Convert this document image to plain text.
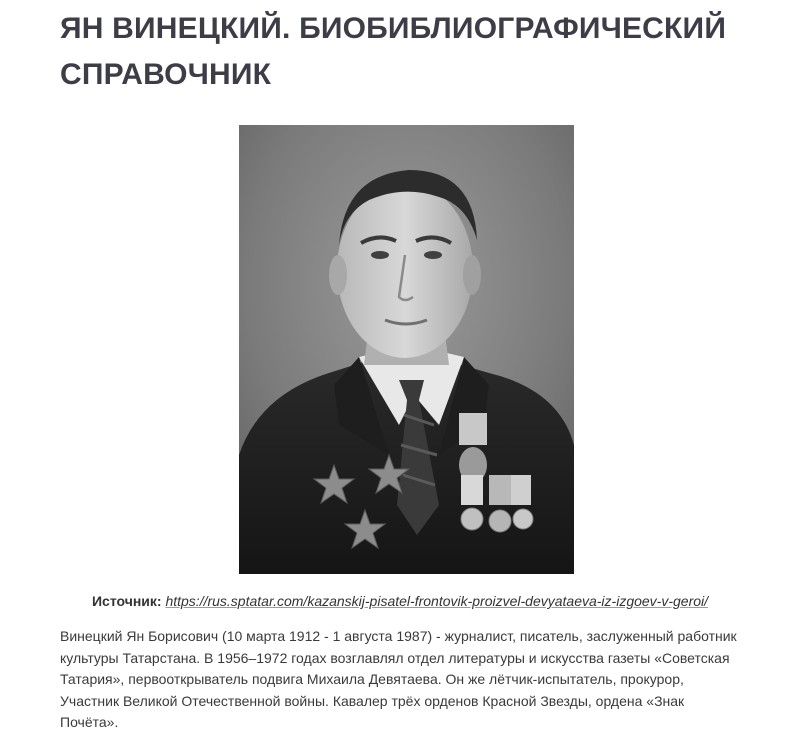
ЯН ВИНЕЦКИЙ. БИОБИБЛИОГРАФИЧЕСКИЙ СПРАВОЧНИК
Источник: https://rus.sptatar.com/kazanskij-pisatel-frontovik-proizvel-devyataeva-iz-izgoev-v-geroi/

Винецкий Ян Борисович (10 марта 1912 - 1 августа 1987) - журналист, писатель, заслуженный работник культуры Татарстана. В 1956–1972 годах возглавлял отдел литературы и искусства газеты «Советская Татария», первооткрыватель подвига Михаила Девятаева. Он же лётчик-испытатель, прокурор, Участник Великой Отечественной войны. Кавалер трёх орденов Красной Звезды, ордена «Знак Почёта».
